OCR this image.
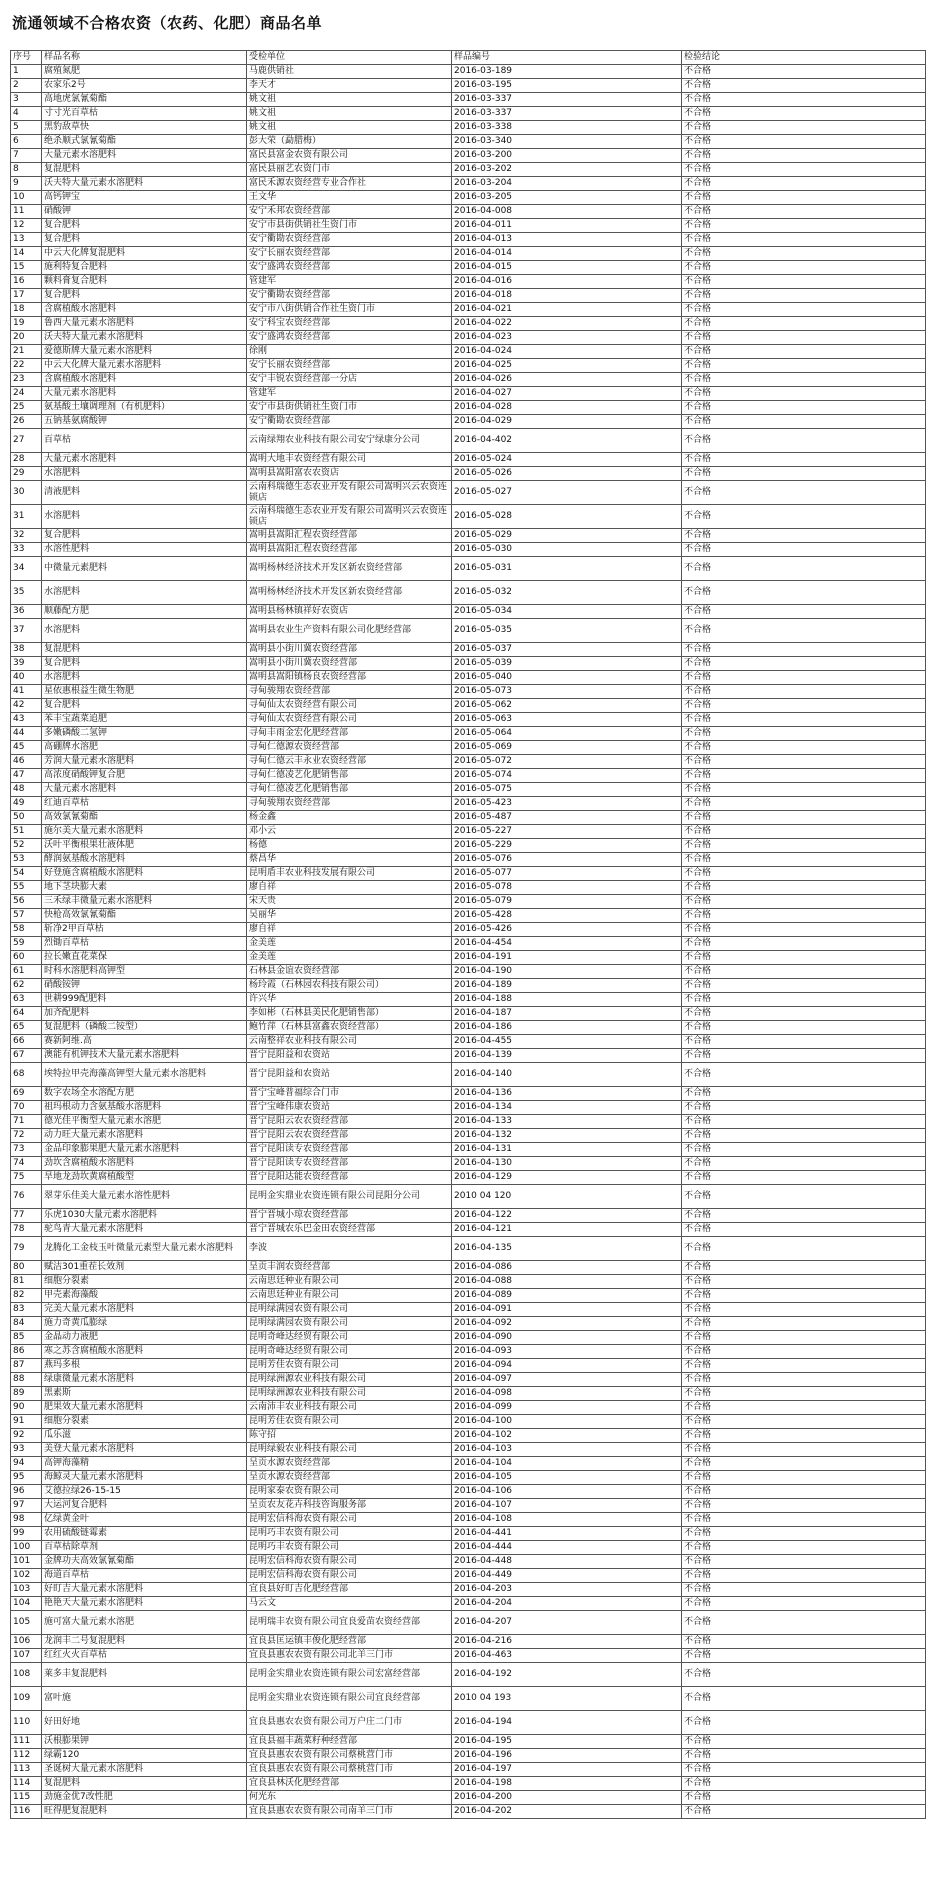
流通领域不合格农资（农药、化肥）商品名单
序号	样品名称	受检单位	样品编号	检验结论
1	腐殖氮肥	马鹿供销社	2016-03-189	不合格
2	农家乐2号	李天才	2016-03-195	不合格
3	高地虎氯氰菊酯	姚文祖	2016-03-337	不合格
4	寸寸光百草枯	姚文祖	2016-03-337	不合格
5	黑豹敌草快	姚文祖	2016-03-338	不合格
6	绝杀顺式氯氰菊酯	彭大荣（勐腊梅）	2016-03-340	不合格
7	大量元素水溶肥料	富民县富金农资有限公司	2016-03-200	不合格
8	复混肥料	富民县丽艺农资门市	2016-03-202	不合格
9	沃夫特大量元素水溶肥料	富民禾源农资经营专业合作社	2016-03-204	不合格
10	高钙钾宝	王文华	2016-03-205	不合格
11	硝酸钾	安宁禾邦农资经营部	2016-04-008	不合格
12	复合肥料	安宁市县街供销社生资门市	2016-04-011	不合格
13	复合肥料	安宁衢勘农资经营部	2016-04-013	不合格
14	中云大化牌复混肥料	安宁长丽农资经营部	2016-04-014	不合格
15	施利特复合肥料	安宁盛鸿农资经营部	2016-04-015	不合格
16	颗料膏复合肥料	管建军	2016-04-016	不合格
17	复合肥料	安宁衢勘农资经营部	2016-04-018	不合格
18	含腐植酸水溶肥料	安宁市八街供销合作社生资门市	2016-04-021	不合格
19	鲁西大量元素水溶肥料	安宁科宝农资经营部	2016-04-022	不合格
20	沃夫特大量元素水溶肥料	安宁盛鸿农资经营部	2016-04-023	不合格
21	爱德斯牌大量元素水溶肥料	徐刚	2016-04-024	不合格
22	中云大化牌大量元素水溶肥料	安宁长丽农资经营部	2016-04-025	不合格
23	含腐植酸水溶肥料	安宁丰锐农资经营部一分店	2016-04-026	不合格
24	大量元素水溶肥料	管建军	2016-04-027	不合格
25	氨基酸土壤调理剂（有机肥料）	安宁市县街供销社生资门市	2016-04-028	不合格
26	五钠基氨腐酸钾	安宁衢勘农资经营部	2016-04-029	不合格
27	百草枯	云南绿翔农业科技有限公司安宁绿康分公司	2016-04-402	不合格
28	大量元素水溶肥料	嵩明大地丰农资经营有限公司	2016-05-024	不合格
29	水溶肥料	嵩明县嵩阳富农农资店	2016-05-026	不合格
30	清液肥料	云南科瑞德生态农业开发有限公司嵩明兴云农资连锁店	2016-05-027	不合格
31	水溶肥料	云南科瑞德生态农业开发有限公司嵩明兴云农资连锁店	2016-05-028	不合格
32	复合肥料	嵩明县嵩阳汇程农资经营部	2016-05-029	不合格
33	水溶性肥料	嵩明县嵩阳汇程农资经营部	2016-05-030	不合格
34	中微量元素肥料	嵩明杨林经济技术开发区新农资经营部	2016-05-031	不合格
35	水溶肥料	嵩明杨林经济技术开发区新农资经营部	2016-05-032	不合格
36	顺藤配方肥	嵩明县杨林镇祥好农资店	2016-05-034	不合格
37	水溶肥料	嵩明县农业生产资料有限公司化肥经营部	2016-05-035	不合格
38	复混肥料	嵩明县小街川冀农资经营部	2016-05-037	不合格
39	复合肥料	嵩明县小街川冀农资经营部	2016-05-039	不合格
40	水溶肥料	嵩明县嵩阳镇杨良农资经营部	2016-05-040	不合格
41	星依惠根益生微生物肥	寻甸骏翔农资经营部	2016-05-073	不合格
42	复合肥料	寻甸仙太农资经营有限公司	2016-05-062	不合格
43	苯丰宝蔬菜追肥	寻甸仙太农资经营有限公司	2016-05-063	不合格
44	多嫩磷酸二氢钾	寻甸丰雨金宏化肥经营部	2016-05-064	不合格
45	高硼牌水溶肥	寻甸仁德源农资经营部	2016-05-069	不合格
46	芳润大量元素水溶肥料	寻甸仁德云丰永业农资经营部	2016-05-072	不合格
47	高浓度硝酸钾复合肥	寻甸仁德凌艺化肥销售部	2016-05-074	不合格
48	大量元素水溶肥料	寻甸仁德凌艺化肥销售部	2016-05-075	不合格
49	红迪百草枯	寻甸骏翔农资经营部	2016-05-423	不合格
50	高效氯氰菊酯	杨金鑫	2016-05-487	不合格
51	施尔美大量元素水溶肥料	邓小云	2016-05-227	不合格
52	沃叶平衡根果壮液体肥	杨德	2016-05-229	不合格
53	酵润氨基酸水溶肥料	蔡昌华	2016-05-076	不合格
54	好登施含腐植酸水溶肥料	昆明盾丰农业科技发展有限公司	2016-05-077	不合格
55	地下茎块膨大素	廖自祥	2016-05-078	不合格
56	三禾绿丰微量元素水溶肥料	宋天贵	2016-05-079	不合格
57	快枪高效氯氰菊酯	吴丽华	2016-05-428	不合格
58	斩净2甲百草枯	廖自祥	2016-05-426	不合格
59	烈锄百草枯	金美莲	2016-04-454	不合格
60	拉长嫩直花菜保	金美莲	2016-04-191	不合格
61	时科水溶肥料高钾型	石林县金谊农资经营部	2016-04-190	不合格
62	硝酸铵钾	杨玲霞（石林园农科技有限公司）	2016-04-189	不合格
63	世耕999配肥料	许兴华	2016-04-188	不合格
64	加齐配肥料	李如彬（石林县美民化肥销售部）	2016-04-187	不合格
65	复混肥料（磷酸二铵型）	鲍竹萍（石林县富鑫农资经营部）	2016-04-186	不合格
66	赛新阿维.高	云南整祥农业科技有限公司	2016-04-455	不合格
67	澳能有机钾技术大量元素水溶肥料	晋宁昆阳益和农资站	2016-04-139	不合格
68	埃特拉甲壳海藻高钾型大量元素水溶肥料	晋宁昆阳益和农资站	2016-04-140	不合格
69	数字农场全水溶配方肥	晋宁宝峰普福综合门市	2016-04-136	不合格
70	祖玛根动力含氨基酸水溶肥料	晋宁宝峰伟康农资站	2016-04-134	不合格
71	德光佳平衡型大量元素水溶肥	晋宁昆阳云农农资经营部	2016-04-133	不合格
72	动力旺大量元素水溶肥料	晋宁昆阳云农农资经营部	2016-04-132	不合格
73	金品印象膨果肥大量元素水溶肥料	晋宁昆阳读专农资经营部	2016-04-131	不合格
74	劲坎含腐植酸水溶肥料	晋宁昆阳读专农资经营部	2016-04-130	不合格
75	旱地龙劲坎黄腐植酸型	晋宁昆阳达能农资经营部	2016-04-129	不合格
76	翠芽乐佳美大量元素水溶性肥料	昆明金实鼎业农资连锁有限公司昆阳分公司	2010 04 120	不合格
77	乐虎1030大量元素水溶肥料	晋宁晋城小琼农资经营部	2016-04-122	不合格
78	驼鸟青大量元素水溶肥料	晋宁晋城农乐巴金田农资经营部	2016-04-121	不合格
79	龙腾化工金枝玉叶微量元素型大量元素水溶肥料	李波	2016-04-135	不合格
80	赋洁301重茬长效剂	呈贡丰润农资经营部	2016-04-086	不合格
81	细胞分裂素	云南思廷种业有限公司	2016-04-088	不合格
82	甲壳素海藻酸	云南思廷种业有限公司	2016-04-089	不合格
83	完美大量元素水溶肥料	昆明绿满园农资有限公司	2016-04-091	不合格
84	施力奇黄瓜膨绿	昆明绿满园农资有限公司	2016-04-092	不合格
85	金晶动力液肥	昆明奇峰达经贸有限公司	2016-04-090	不合格
86	寒之苏含腐植酸水溶肥料	昆明奇峰达经贸有限公司	2016-04-093	不合格
87	燕玛多根	昆明芳佳农资有限公司	2016-04-094	不合格
88	绿康微量元素水溶肥料	昆明绿洲源农业科技有限公司	2016-04-097	不合格
89	黑素斯	昆明绿洲源农业科技有限公司	2016-04-098	不合格
90	肥果效大量元素水溶肥料	云南沛丰农业科技有限公司	2016-04-099	不合格
91	细胞分裂素	昆明芳佳农资有限公司	2016-04-100	不合格
92	瓜乐滋	陈守招	2016-04-102	不合格
93	美登大量元素水溶肥料	昆明绿毅农业科技有限公司	2016-04-103	不合格
94	高钾海藻精	呈贡水源农资经营部	2016-04-104	不合格
95	海鲸灵大量元素水溶肥料	呈贡水源农资经营部	2016-04-105	不合格
96	艾德拉绿26-15-15	昆明家泰农资有限公司	2016-04-106	不合格
97	大运河复合肥料	呈贡农友花卉科技咨询服务部	2016-04-107	不合格
98	亿绿黄金叶	昆明宏信科海农资有限公司	2016-04-108	不合格
99	农用硫酸链霉素	昆明巧丰农资有限公司	2016-04-441	不合格
100	百草枯除草剂	昆明巧丰农资有限公司	2016-04-444	不合格
101	金牌功夫高效氯氰菊酯	昆明宏信科海农资有限公司	2016-04-448	不合格
102	海道百草枯	昆明宏信科海农资有限公司	2016-04-449	不合格
103	好盯吉大量元素水溶肥料	宜良县好盯吉化肥经营部	2016-04-203	不合格
104	艳艳天大量元素水溶肥料	马云文	2016-04-204	不合格
105	施可富大量元素水溶肥	昆明瑞丰农资有限公司宜良爱苗农资经营部	2016-04-207	不合格
106	龙润丰二号复混肥料	宜良县匡运镇丰俊化肥经营部	2016-04-216	不合格
107	红红火火百草枯	宜良县惠农农资有限公司北羊三门市	2016-04-463	不合格
108	莱多丰复混肥料	昆明金实鼎业农资连锁有限公司宏富经营部	2016-04-192	不合格
109	富叶施	昆明金实鼎业农资连锁有限公司宜良经营部	2010 04 193	不合格
110	好田好地	宜良县惠农农资有限公司万户庄二门市	2016-04-194	不合格
111	沃根膨果钾	宜良县福丰蔬菜籽种经营部	2016-04-195	不合格
112	绿霸120	宜良县惠农农资有限公司蔡桃营门市	2016-04-196	不合格
113	圣诞树大量元素水溶肥料	宜良县惠农农资有限公司蔡桃营门市	2016-04-197	不合格
114	复混肥料	宜良县林沃化肥经营部	2016-04-198	不合格
115	劲施金优7改性肥	何光东	2016-04-200	不合格
116	旺得肥复混肥料	宜良县惠农农资有限公司南羊三门市	2016-04-202	不合格
